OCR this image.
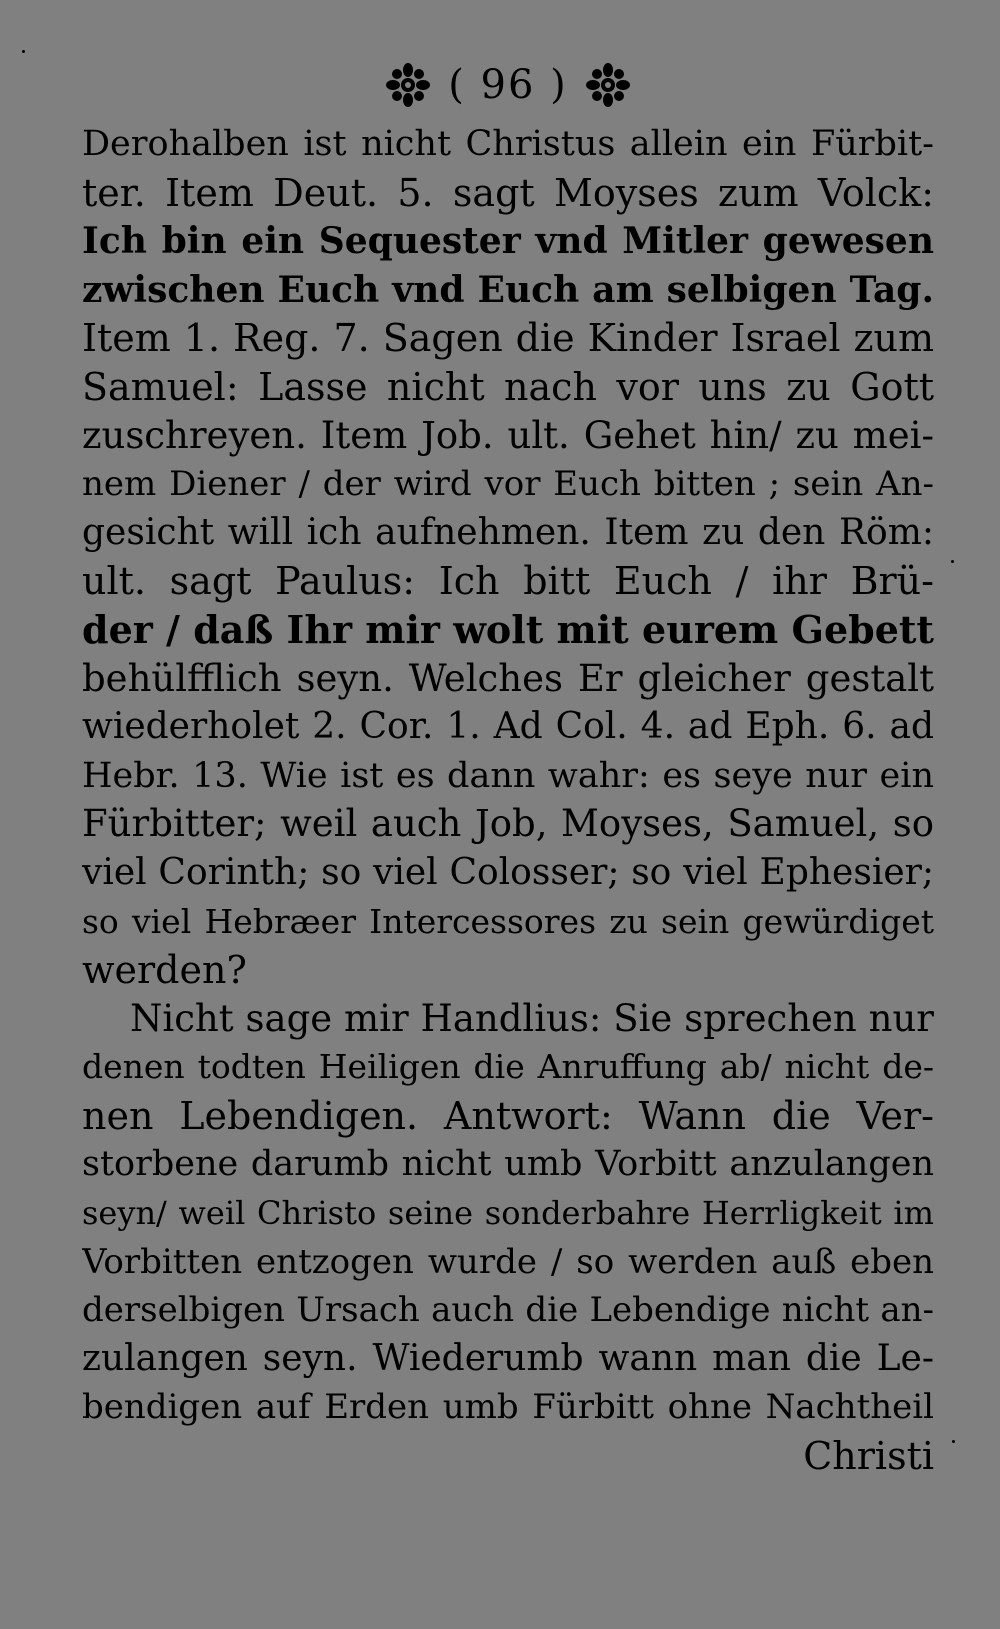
( 96 )
Derohalben ist nicht Christus allein ein Fürbit-
ter. Item Deut. 5. sagt Moyses zum Volck:
Ich bin ein Sequester vnd Mitler gewesen
zwischen Euch vnd Euch am selbigen Tag.
Item 1. Reg. 7. Sagen die Kinder Israel zum
Samuel: Lasse nicht nach vor uns zu Gott
zuschreyen. Item Job. ult. Gehet hin/ zu mei-
nem Diener / der wird vor Euch bitten ; sein An-
gesicht will ich aufnehmen. Item zu den Röm:
ult. sagt Paulus: Ich bitt Euch / ihr Brü-
der / daß Ihr mir wolt mit eurem Gebett
behülfflich seyn. Welches Er gleicher gestalt
wiederholet 2. Cor. 1. Ad Col. 4. ad Eph. 6. ad
Hebr. 13. Wie ist es dann wahr: es seye nur ein
Fürbitter; weil auch Job, Moyses, Samuel, so
viel Corinth; so viel Colosser; so viel Ephesier;
so viel Hebræer Intercessores zu sein gewürdiget
werden?
Nicht sage mir Handlius: Sie sprechen nur
denen todten Heiligen die Anruffung ab/ nicht de-
nen Lebendigen. Antwort: Wann die Ver-
storbene darumb nicht umb Vorbitt anzulangen
seyn/ weil Christo seine sonderbahre Herrligkeit im
Vorbitten entzogen wurde / so werden auß eben
derselbigen Ursach auch die Lebendige nicht an-
zulangen seyn. Wiederumb wann man die Le-
bendigen auf Erden umb Fürbitt ohne Nachtheil
Christi
